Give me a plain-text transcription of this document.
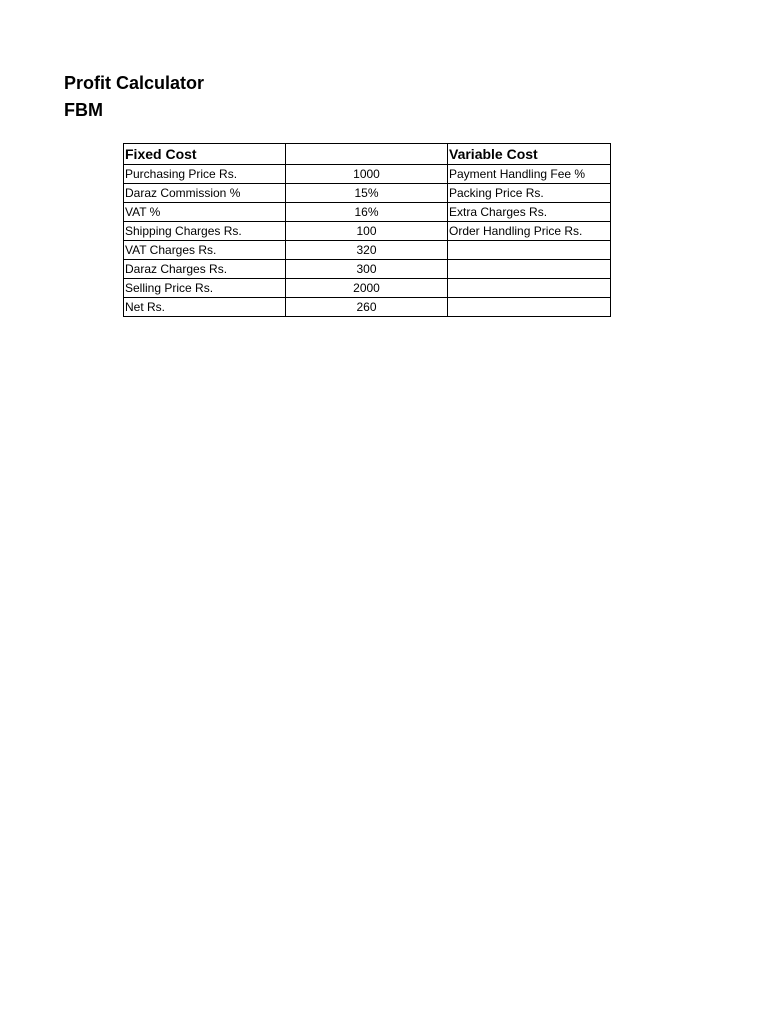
Profit Calculator
FBM
Fixed Cost		Variable Cost
Purchasing Price Rs.	1000	Payment Handling Fee %
Daraz Commission %	15%	Packing Price Rs.
VAT %	16%	Extra Charges Rs.
Shipping Charges Rs.	100	Order Handling Price Rs.
VAT Charges Rs.	320	
Daraz Charges Rs.	300	
Selling Price Rs.	2000	
Net Rs.	260	
